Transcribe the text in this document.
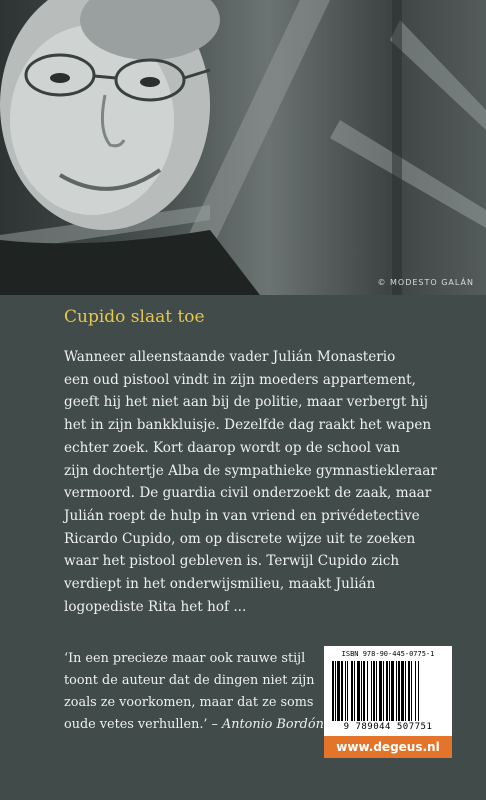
© MODESTO GALÁN
Cupido slaat toe

Wanneer alleenstaande vader Julián Monasterio

een oud pistool vindt in zijn moeders appartement,

geeft hij het niet aan bij de politie, maar verbergt hij

het in zijn bankkluisje. Dezelfde dag raakt het wapen

echter zoek. Kort daarop wordt op de school van

zijn dochtertje Alba de sympathieke gymnastiekleraar

vermoord. De guardia civil onderzoekt de zaak, maar

Julián roept de hulp in van vriend en privédetective

Ricardo Cupido, om op discrete wijze uit te zoeken

waar het pistool gebleven is. Terwijl Cupido zich

verdiept in het onderwijsmilieu, maakt Julián

logopediste Rita het hof ...

‘In een precieze maar ook rauwe stijl

toont de auteur dat de dingen niet zijn

zoals ze voorkomen, maar dat ze soms

oude vetes verhullen.’ – Antonio Bordón

ISBN 978-90-445-0775-1
9 789044 507751
www.degeus.nl
